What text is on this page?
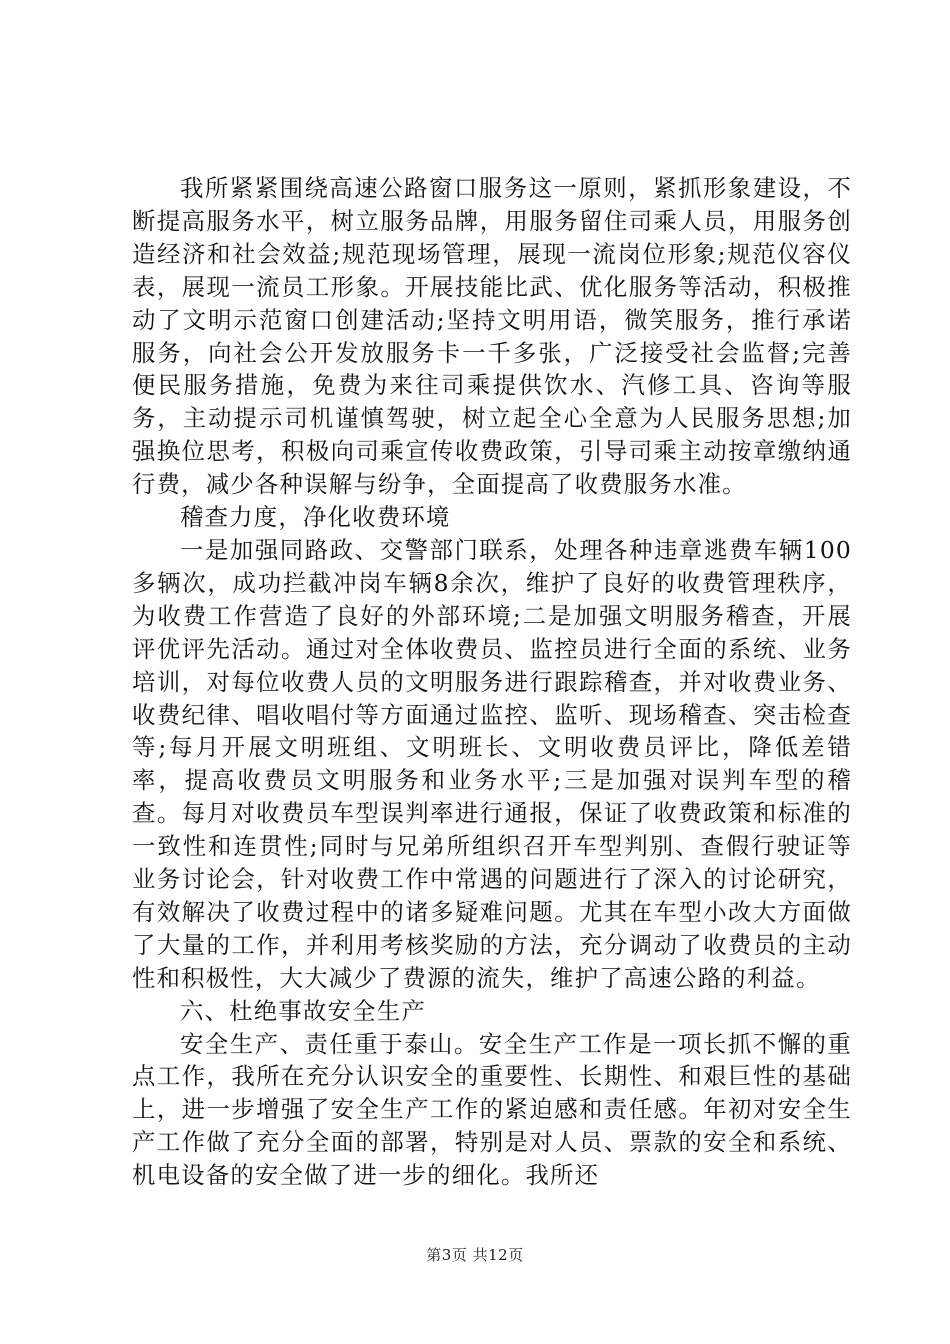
我所紧紧围绕高速公路窗口服务这一原则，紧抓形象建设，不断提高服务水平，树立服务品牌，用服务留住司乘人员，用服务创造经济和社会效益;规范现场管理，展现一流岗位形象;规范仪容仪表，展现一流员工形象。开展技能比武、优化服务等活动，积极推动了文明示范窗口创建活动;坚持文明用语，微笑服务，推行承诺服务，向社会公开发放服务卡一千多张，广泛接受社会监督;完善便民服务措施，免费为来往司乘提供饮水、汽修工具、咨询等服务，主动提示司机谨慎驾驶，树立起全心全意为人民服务思想;加强换位思考，积极向司乘宣传收费政策，引导司乘主动按章缴纳通行费，减少各种误解与纷争，全面提高了收费服务水准。

稽查力度，净化收费环境

一是加强同路政、交警部门联系，处理各种违章逃费车辆100多辆次，成功拦截冲岗车辆8余次，维护了良好的收费管理秩序，为收费工作营造了良好的外部环境;二是加强文明服务稽查，开展评优评先活动。通过对全体收费员、监控员进行全面的系统、业务培训，对每位收费人员的文明服务进行跟踪稽查，并对收费业务、收费纪律、唱收唱付等方面通过监控、监听、现场稽查、突击检查等;每月开展文明班组、文明班长、文明收费员评比，降低差错率，提高收费员文明服务和业务水平;三是加强对误判车型的稽查。每月对收费员车型误判率进行通报，保证了收费政策和标准的一致性和连贯性;同时与兄弟所组织召开车型判别、查假行驶证等业务讨论会，针对收费工作中常遇的问题进行了深入的讨论研究，有效解决了收费过程中的诸多疑难问题。尤其在车型小改大方面做了大量的工作，并利用考核奖励的方法，充分调动了收费员的主动性和积极性，大大减少了费源的流失，维护了高速公路的利益。

六、杜绝事故安全生产

安全生产、责任重于泰山。安全生产工作是一项长抓不懈的重点工作，我所在充分认识安全的重要性、长期性、和艰巨性的基础上，进一步增强了安全生产工作的紧迫感和责任感。年初对安全生产工作做了充分全面的部署，特别是对人员、票款的安全和系统、机电设备的安全做了进一步的细化。我所还

第3页 共12页
